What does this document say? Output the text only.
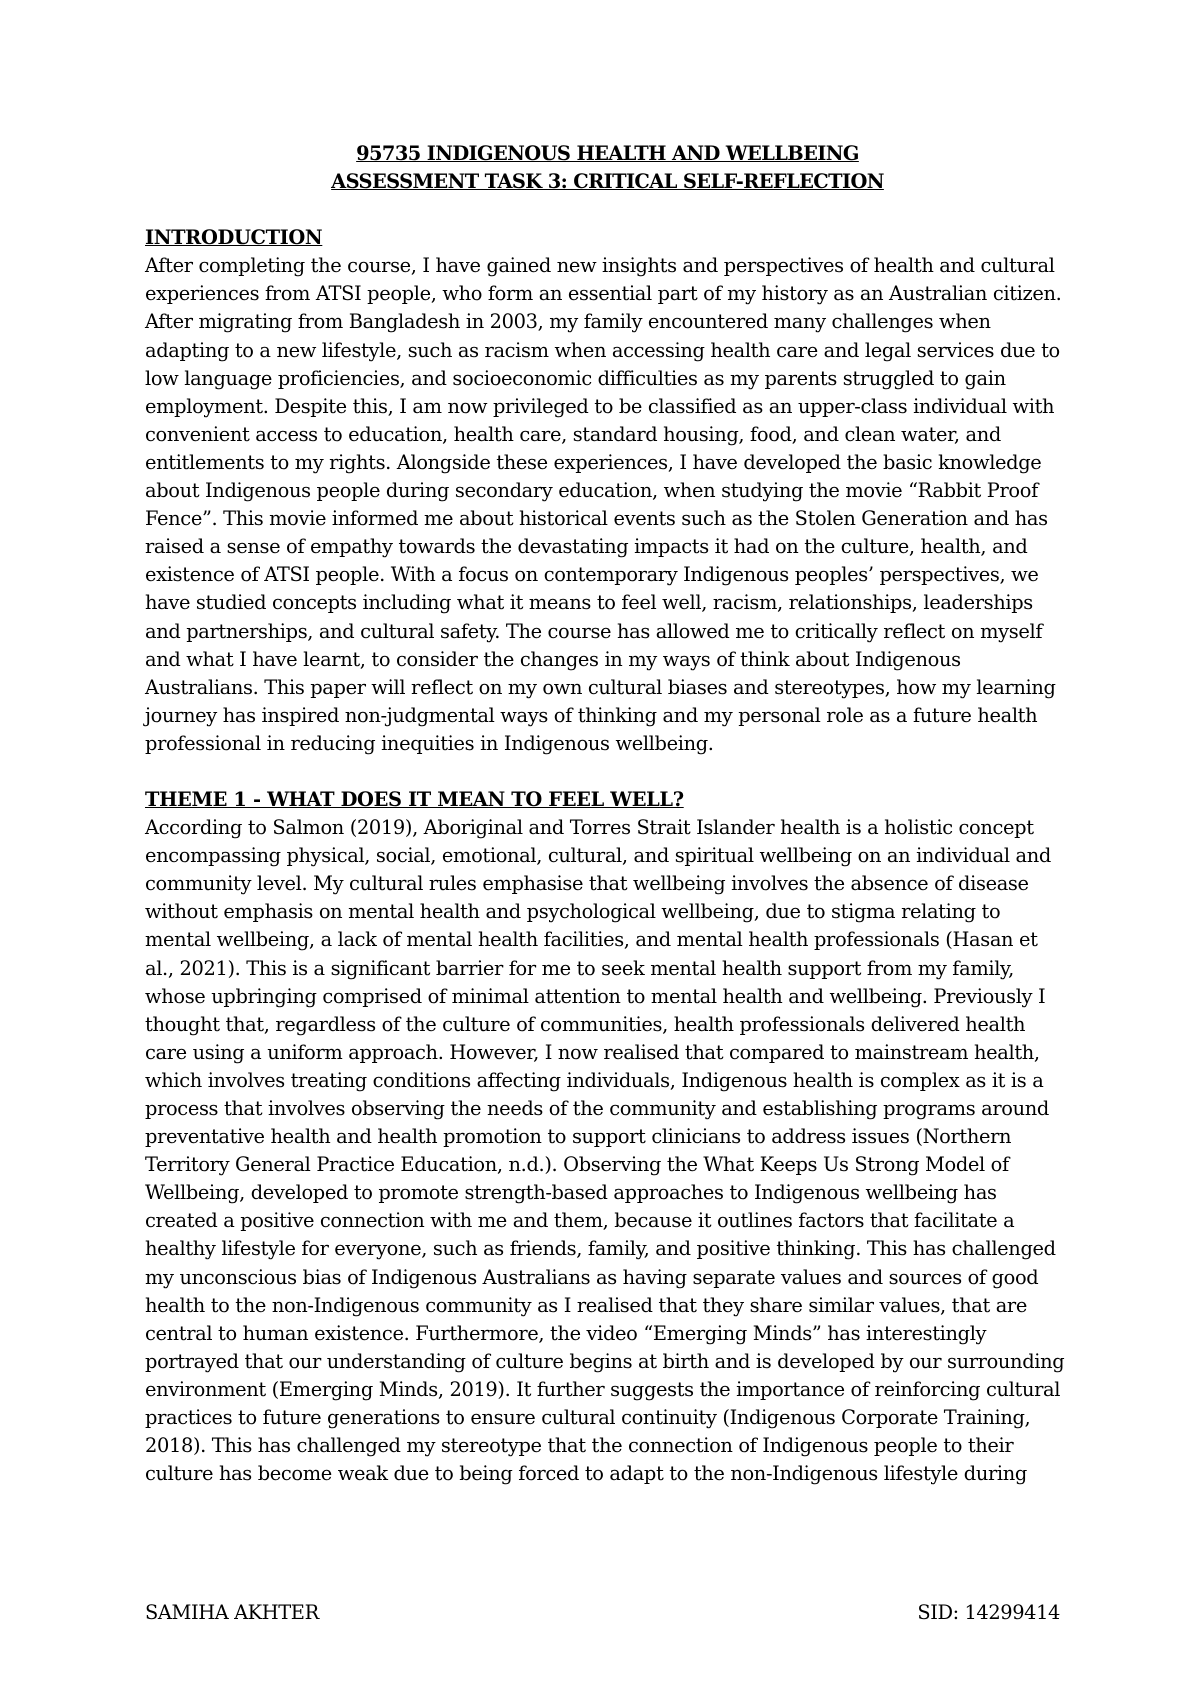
95735 INDIGENOUS HEALTH AND WELLBEING

ASSESSMENT TASK 3: CRITICAL SELF-REFLECTION

INTRODUCTION

After completing the course, I have gained new insights and perspectives of health and cultural experiences from ATSI people, who form an essential part of my history as an Australian citizen. After migrating from Bangladesh in 2003, my family encountered many challenges when adapting to a new lifestyle, such as racism when accessing health care and legal services due to low language proficiencies, and socioeconomic difficulties as my parents struggled to gain employment. Despite this, I am now privileged to be classified as an upper-class individual with convenient access to education, health care, standard housing, food, and clean water, and entitlements to my rights. Alongside these experiences, I have developed the basic knowledge about Indigenous people during secondary education, when studying the movie “Rabbit Proof Fence”. This movie informed me about historical events such as the Stolen Generation and has raised a sense of empathy towards the devastating impacts it had on the culture, health, and existence of ATSI people. With a focus on contemporary Indigenous peoples’ perspectives, we have studied concepts including what it means to feel well, racism, relationships, leaderships and partnerships, and cultural safety. The course has allowed me to critically reflect on myself and what I have learnt, to consider the changes in my ways of think about Indigenous Australians. This paper will reflect on my own cultural biases and stereotypes, how my learning journey has inspired non-judgmental ways of thinking and my personal role as a future health professional in reducing inequities in Indigenous wellbeing.

THEME 1 - WHAT DOES IT MEAN TO FEEL WELL?

According to Salmon (2019), Aboriginal and Torres Strait Islander health is a holistic concept encompassing physical, social, emotional, cultural, and spiritual wellbeing on an individual and community level. My cultural rules emphasise that wellbeing involves the absence of disease without emphasis on mental health and psychological wellbeing, due to stigma relating to mental wellbeing, a lack of mental health facilities, and mental health professionals (Hasan et al., 2021). This is a significant barrier for me to seek mental health support from my family, whose upbringing comprised of minimal attention to mental health and wellbeing. Previously I thought that, regardless of the culture of communities, health professionals delivered health care using a uniform approach. However, I now realised that compared to mainstream health, which involves treating conditions affecting individuals, Indigenous health is complex as it is a process that involves observing the needs of the community and establishing programs around preventative health and health promotion to support clinicians to address issues (Northern Territory General Practice Education, n.d.). Observing the What Keeps Us Strong Model of Wellbeing, developed to promote strength-based approaches to Indigenous wellbeing has created a positive connection with me and them, because it outlines factors that facilitate a healthy lifestyle for everyone, such as friends, family, and positive thinking. This has challenged my unconscious bias of Indigenous Australians as having separate values and sources of good health to the non-Indigenous community as I realised that they share similar values, that are central to human existence. Furthermore, the video “Emerging Minds” has interestingly portrayed that our understanding of culture begins at birth and is developed by our surrounding environment (Emerging Minds, 2019). It further suggests the importance of reinforcing cultural practices to future generations to ensure cultural continuity (Indigenous Corporate Training, 2018). This has challenged my stereotype that the connection of Indigenous people to their culture has become weak due to being forced to adapt to the non-Indigenous lifestyle during

SAMIHA AKHTER	SID: 14299414
